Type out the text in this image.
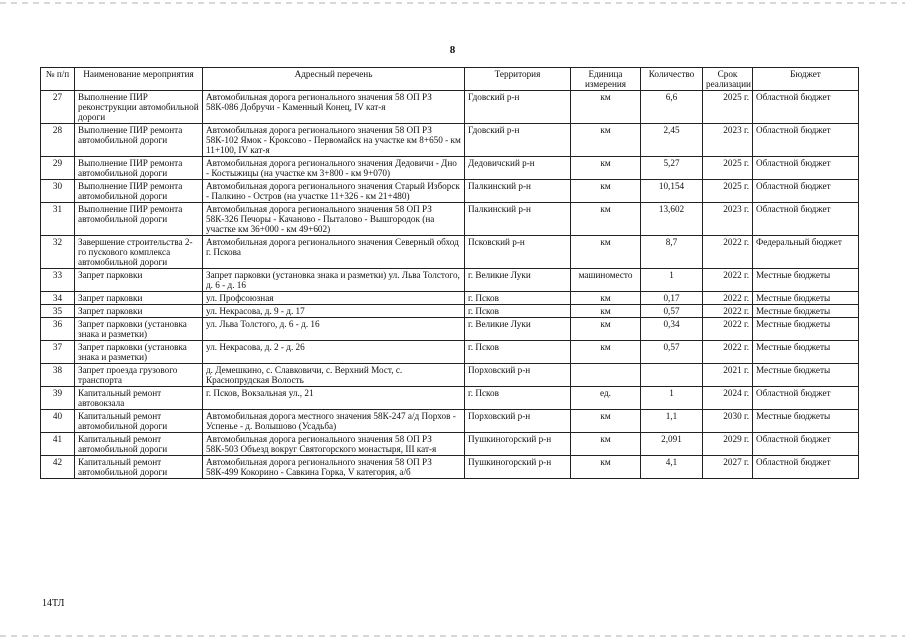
8
№ п/п	Наименование мероприятия	Адресный перечень	Территория	Единица измерения	Количество	Срок реализации	Бюджет
27	Выполнение ПИР реконструкции автомобильной дороги	Автомобильная дорога регионального значения 58 ОП РЗ 58К-086 Добручи - Каменный Конец, IV кат-я	Гдовский р-н	км	6,6	2025 г.	Областной бюджет
28	Выполнение ПИР ремонта автомобильной дороги	Автомобильная дорога регионального значения 58 ОП РЗ 58К-102 Ямок - Кроксово - Первомайск на участке км 8+650 - км 11+100, IV кат-я	Гдовский р-н	км	2,45	2023 г.	Областной бюджет
29	Выполнение ПИР ремонта автомобильной дороги	Автомобильная дорога регионального значения Дедовичи - Дно - Костыжицы (на участке км 3+800 - км 9+070)	Дедовичский р-н	км	5,27	2025 г.	Областной бюджет
30	Выполнение ПИР ремонта автомобильной дороги	Автомобильная дорога регионального значения Старый Изборск - Палкино - Остров (на участке 11+326 - км 21+480)	Палкинский р-н	км	10,154	2025 г.	Областной бюджет
31	Выполнение ПИР ремонта автомобильной дороги	Автомобильная дорога регионального значения 58 ОП РЗ 58К-326 Печоры - Качаново - Пыталово - Вышгородок (на участке км 36+000 - км 49+602)	Палкинский р-н	км	13,602	2023 г.	Областной бюджет
32	Завершение строительства 2-го пускового комплекса автомобильной дороги	Автомобильная дорога регионального значения Северный обход г. Пскова	Псковский р-н	км	8,7	2022 г.	Федеральный бюджет
33	Запрет парковки	Запрет парковки (установка знака и разметки) ул. Льва Толстого, д. 6 - д. 16	г. Великие Луки	машиноместо	1	2022 г.	Местные бюджеты
34	Запрет парковки	ул. Профсоюзная	г. Псков	км	0,17	2022 г.	Местные бюджеты
35	Запрет парковки	ул. Некрасова, д. 9 - д. 17	г. Псков	км	0,57	2022 г.	Местные бюджеты
36	Запрет парковки (установка знака и разметки)	ул. Льва Толстого, д. 6 - д. 16	г. Великие Луки	км	0,34	2022 г.	Местные бюджеты
37	Запрет парковки (установка знака и разметки)	ул. Некрасова, д. 2 - д. 26	г. Псков	км	0,57	2022 г.	Местные бюджеты
38	Запрет проезда грузового транспорта	д. Демешкино, с. Славковичи, с. Верхний Мост, с. Краснопрудская Волость	Порховский р-н			2021 г.	Местные бюджеты
39	Капитальный ремонт автовокзала	г. Псков, Вокзальная ул., 21	г. Псков	ед.	1	2024 г.	Областной бюджет
40	Капитальный ремонт автомобильной дороги	Автомобильная дорога местного значения 58К-247 а/д Порхов - Успенье - д. Волышово (Усадьба)	Порховский р-н	км	1,1	2030 г.	Местные бюджеты
41	Капитальный ремонт автомобильной дороги	Автомобильная дорога регионального значения 58 ОП РЗ 58К-503 Объезд вокруг Святогорского монастыря, III кат-я	Пушкиногорский р-н	км	2,091	2029 г.	Областной бюджет
42	Капитальный ремонт автомобильной дороги	Автомобильная дорога регионального значения 58 ОП РЗ 58К-499 Кокорино - Савкина Горка, V категория, а/б	Пушкиногорский р-н	км	4,1	2027 г.	Областной бюджет
14ТЛ
